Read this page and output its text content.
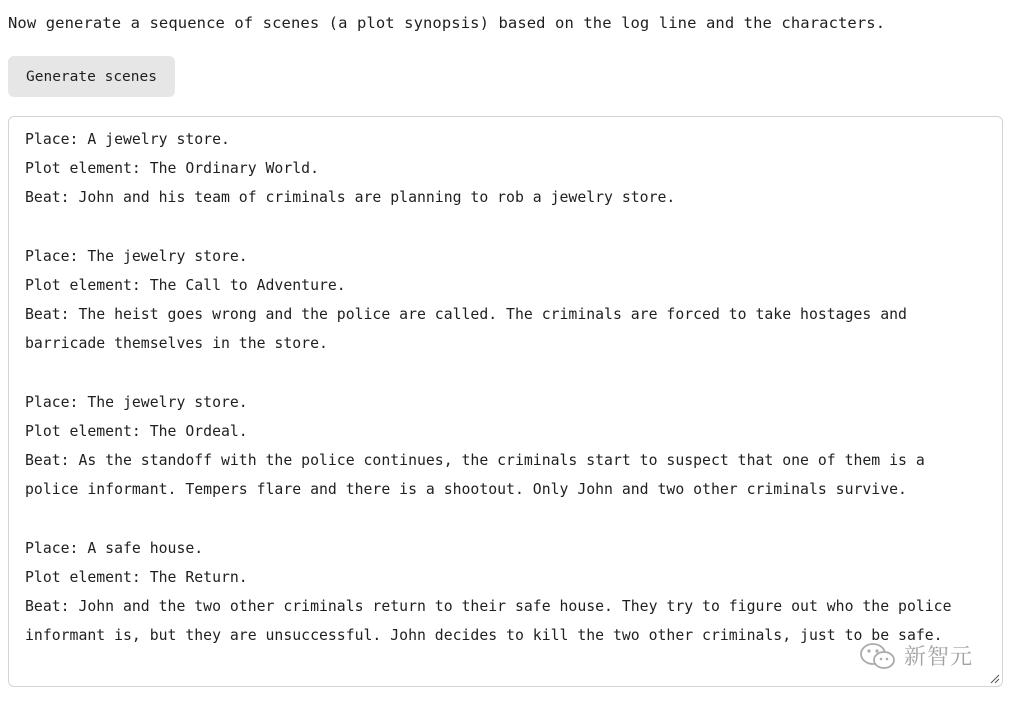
Now generate a sequence of scenes (a plot synopsis) based on the log line and the characters.
Generate scenes
Place: A jewelry store.
Plot element: The Ordinary World.
Beat: John and his team of criminals are planning to rob a jewelry store.
Place: The jewelry store.
Plot element: The Call to Adventure.
Beat: The heist goes wrong and the police are called. The criminals are forced to take hostages and barricade themselves in the store.
Place: The jewelry store.
Plot element: The Ordeal.
Beat: As the standoff with the police continues, the criminals start to suspect that one of them is a police informant. Tempers flare and there is a shootout. Only John and two other criminals survive.
Place: A safe house.
Plot element: The Return.
Beat: John and the two other criminals return to their safe house. They try to figure out who the police informant is, but they are unsuccessful. John decides to kill the two other criminals, just to be safe.
新智元
